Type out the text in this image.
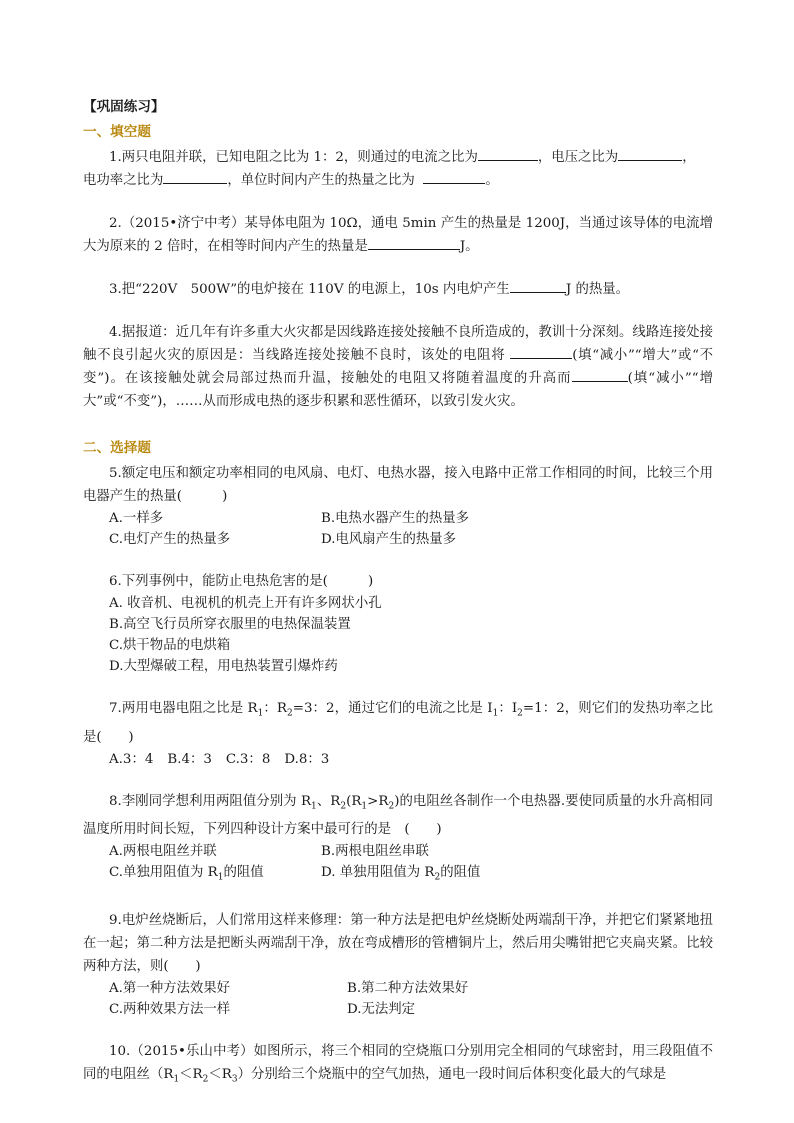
【巩固练习】

一、填空题

1.两只电阻并联，已知电阻之比为 1：2，则通过的电流之比为	，电压之比为	，
电功率之比为	，单位时间内产生的热量之比为	。

2.（2015•济宁中考）某导体电阻为 10Ω，通电 5min 产生的热量是 1200J，当通过该导体的电流增大为原来的 2 倍时，在相等时间内产生的热量是	J。

3.把“220V　500W”的电炉接在 110V 的电源上，10s 内电炉产生	J 的热量。

4.据报道：近几年有许多重大火灾都是因线路连接处接触不良所造成的，教训十分深刻。线路连接处接触不良引起火灾的原因是：当线路连接处接触不良时，该处的电阻将	(填“减小”“增大”或“不变”)。在该接触处就会局部过热而升温，接触处的电阻又将随着温度的升高而	(填“减小”“增大”或“不变”)，……从而形成电热的逐步积累和恶性循环，以致引发火灾。

二、选择题

5.额定电压和额定功率相同的电风扇、电灯、电热水器，接入电路中正常工作相同的时间，比较三个用电器产生的热量(　　　)

A.一样多	B.电热水器产生的热量多
C.电灯产生的热量多	D.电风扇产生的热量多

6.下列事例中，能防止电热危害的是(　　　)

A. 收音机、电视机的机壳上开有许多网状小孔
B.高空飞行员所穿衣服里的电热保温装置
C.烘干物品的电烘箱
D.大型爆破工程，用电热装置引爆炸药

7.两用电器电阻之比是 $R_1$：$R_2=3$：2，通过它们的电流之比是 $I_1$：$I_2=1$：2，则它们的发热功率之比是(　　)

A.3：4 B.4：3 C.3：8 D.8：3

8.李刚同学想利用两阻值分别为 $R_1$、$R_2(R_1>R_2)$的电阻丝各制作一个电热器.要使同质量的水升高相同温度所用时间长短，下列四种设计方案中最可行的是　(　　)

A.两根电阻丝并联	B.两根电阻丝串联
C.单独用阻值为 $R_1$的阻值	D. 单独用阻值为 $R_2$的阻值

9.电炉丝烧断后，人们常用这样来修理：第一种方法是把电炉丝烧断处两端刮干净，并把它们紧紧地扭在一起；第二种方法是把断头两端刮干净，放在弯成槽形的管槽铜片上，然后用尖嘴钳把它夹扁夹紧。比较两种方法，则(　　)

A.第一种方法效果好	B.第二种方法效果好
C.两种效果方法一样	D.无法判定

10.（2015•乐山中考）如图所示，将三个相同的空烧瓶口分别用完全相同的气球密封，用三段阻值不同的电阻丝$(R_1<R_2<R_3)$分别给三个烧瓶中的空气加热，通电一段时间后体积变化最大的气球是
